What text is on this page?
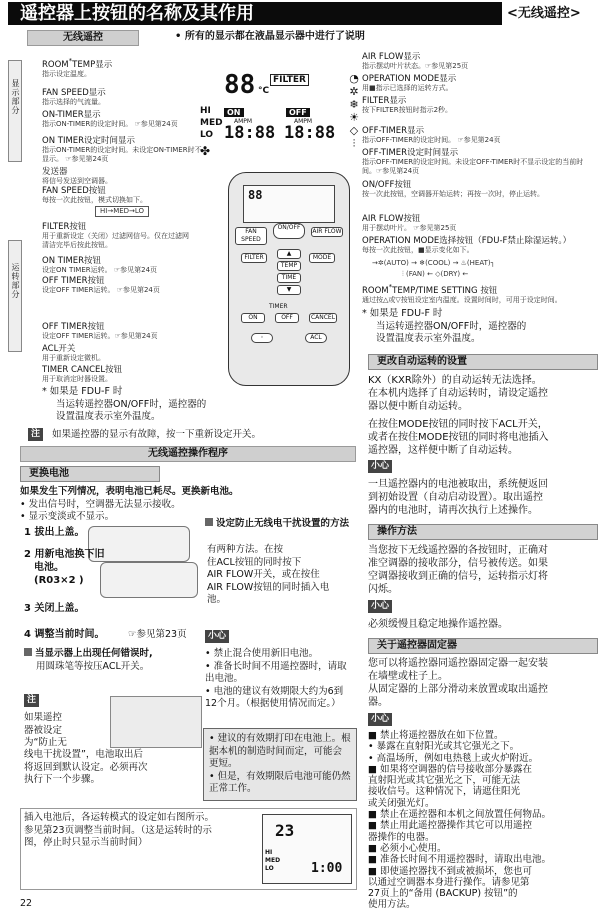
遥控器上按钮的名称及其作用	<无线遥控>
无线遥控	• 所有的显示都在液晶显示器中进行了说明
显示部分
运转部分
ROOM*TEMP显示
指示设定温度。
FAN SPEED显示
指示选择的气流量。
ON-TIMER显示
指示ON-TIMER的设定时间。 ☞参见第24页
ON TIMER设定时间显示
指示ON-TIMER的设定时间。未设定ON-TIMER时不显示。 ☞参见第24页
发送器
将信号发送到空调器。
FAN SPEED按钮
每按一次此按钮，模式切换如下。
HI→MED→LO
FILTER按钮
用于重新设定（关闭）过滤网信号。仅在过滤网清洁完毕后按此按钮。
ON TIMER按钮
设定ON TIMER运转。 ☞参见第24页
OFF TIMER按钮
设定OFF TIMER运转。 ☞参见第24页
OFF TIMER按钮
设定OFF TIMER运转。☞参见第24页
ACL开关
用于重新设定微机。
TIMER CANCEL按钮
用于取消定时器设置。
88 °C
FILTER
HI
MED
LO
ON	OFF
AMPM	AMPM
18:88 18:88
✤
◔
✲
❄
☀
◇
⫶
88
FAN SPEED
ON/OFF
AIR FLOW
FILTER	MODE
▲
TEMP
TIME
▼
TIMER
ON	OFF	CANCEL
◦	ACL
AIR FLOW显示
指示摆动叶片状态。☞参见第25页
OPERATION MODE显示
用■指示已选择的运转方式。
FILTER显示
按下FILTER按钮时指示2秒。
OFF-TIMER显示
指示OFF-TIMER的设定时间。 ☞参见第24页
OFF-TIMER设定时间显示
指示OFF-TIMER的设定时间。未设定OFF-TIMER时不显示设定的当前时间。☞参见第24页
ON/OFF按钮
按一次此按钮，空调器开始运转；再按一次时，停止运转。
AIR FLOW按钮
用于摆动叶片。 ☞参见第25页
OPERATION MODE选择按钮（FDU-F禁止除湿运转。）
每按一次此按钮，■显示变化如下。
→✲(AUTO) → ❄(COOL) → ♨(HEAT)┐
⫶ (FAN) ← ◇(DRY) ←
ROOM*TEMP/TIME SETTING 按钮
通过按△或▽按钮设定室内温度。设置时间时，可用于设定时间。
* 如果是 FDU-F 时
当运转遥控器ON/OFF时，遥控器的
设置温度表示室外温度。
* 如果是 FDU-F 时
当运转遥控器ON/OFF时，遥控器的
设置温度表示室外温度。
注	如果遥控器的显示有故障，按一下重新设定开关。
无线遥控操作程序
更换电池
如果发生下列情况，表明电池已耗尽。更换新电池。
• 发出信号时，空调器无法显示接收。
• 显示变淡或不显示。
1 拔出上盖。
2 用新电池换下旧
电池。
(R03×2 )
3 关闭上盖。
4 调整当前时间。 ☞参见第23页
当显示器上出现任何错误时,
用圆珠笔等按压ACL开关。
注
如果遥控
器被设定
为“防止无
线电干扰设置”，电池取出后
将返回到默认设定。必须再次
执行下一个步骤。
设定防止无线电干扰设置的方法
有两种方法。在按
住ACL按钮的同时按下
AIR FLOW开关，或在按住
AIR FLOW按钮的同时插入电
池。
小心
• 禁止混合使用新旧电池。
• 准备长时间不用遥控器时，请取出电池。
• 电池的建议有效期限大约为6到12个月。（根据使用情况而定。）
• 建议的有效期打印在电池上。根据本机的制造时间而定，可能会更短。
• 但是，有效期限后电池可能仍然正常工作。
插入电池后，各运转模式的设定如右图所示。
参见第23页调整当前时间。（这是运转时的示
图，停止时只显示当前时间）
23
HI
MED
LO	1:00
22
更改自动运转的设置
KX（KXR除外）的自动运转无法选择。
在本机内选择了自动运转时，请设定遥控
器以便中断自动运转。
在按住MODE按钮的同时按下ACL开关，
或者在按住MODE按钮的同时将电池插入
遥控器，这样便中断了自动运转。
小心
一旦遥控器内的电池被取出，系统便返回
到初始设置（自动启动设置）。取出遥控
器内的电池时，请再次执行上述操作。
操作方法
当您按下无线遥控器的各按钮时，正确对
准空调器的接收部分，信号被传送。如果
空调器接收到正确的信号，运转指示灯将
闪烁。
小心
必须缓慢且稳定地操作遥控器。
关于遥控器固定器
您可以将遥控器同遥控器固定器一起安装
在墙壁或柱子上。
从固定器的上部分滑动来放置或取出遥控
器。
小心
■ 禁止将遥控器放在如下位置。
• 暴露在直射阳光或其它强光之下。
• 高温场所，例如电热毯上或火炉附近。
■ 如果将空调器的信号接收部分暴露在
直射阳光或其它强光之下，可能无法
接收信号。这种情况下，请遮住阳光
或关闭强光灯。
■ 禁止在遥控器和本机之间放置任何物品。
■ 禁止用此遥控器操作其它可以用遥控
器操作的电器。
■ 必须小心使用。
■ 准备长时间不用遥控器时，请取出电池。
■ 即使遥控器找不到或被损坏，您也可
以通过空调器本身进行操作。请参见第
27页上的“备用 (BACKUP) 按钮”的
使用方法。
